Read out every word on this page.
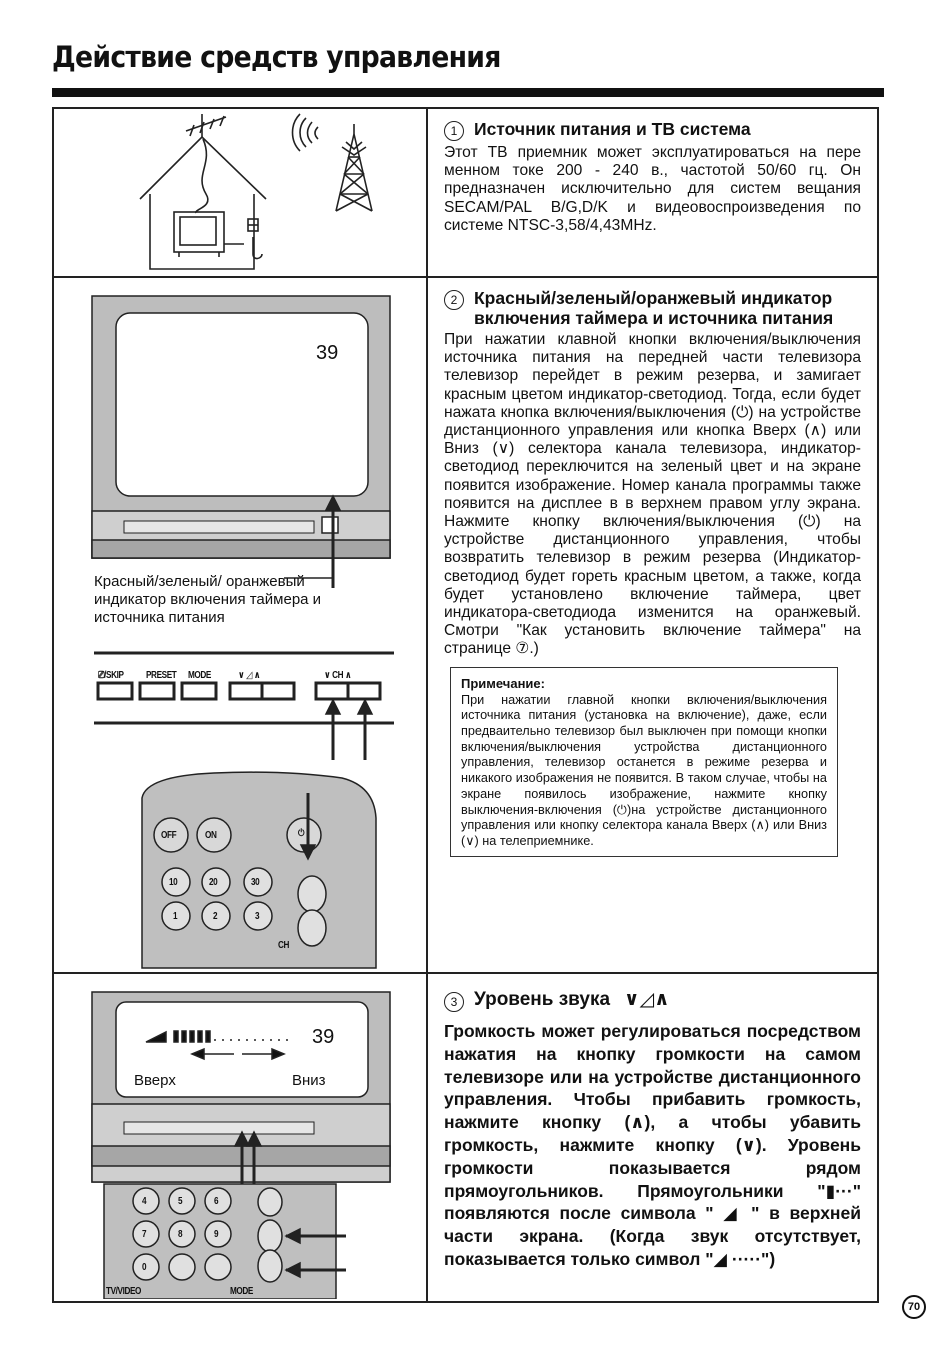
Действие средств управления
1 Источник питания и ТВ система

Этот ТВ приемник может эксплуатироваться на пере менном токе 200 - 240 в., частотой 50/60 гц. Он предназначен исключительно для систем вещания SECAM/PAL B/G,D/K и видеовоспроизведения по системе NTSC-3,58/4,43MHz.

39
Красный/зеленый/ оранжевый индикатор включения таймера и источника питания
⎚/SKIP PRESET MODE	∨ ◿ ∧	∨ CH ∧
OFF	ON	⏻
10	20	30
1	2	3
CH
2 Красный/зеленый/оранжевый индикатор включения таймера и источника питания

При нажатии клавной кнопки включения/выключения источника питания на передней части телевизора телевизор перейдет в режим резерва, и замигает красным цветом индикатор-светодиод. Тогда, если будет нажата кнопка включения/выключения (⏻) на устройстве дистанционного управления или кнопка Вверх (∧) или Вниз (∨) селектора канала телевизора, индикатор-светодиод переключится на зеленый цвет и на экране появится изображение. Номер канала программы также появится на дисплее в в верхнем правом углу экрана. Нажмите кнопку включения/выключения (⏻) на устройстве дистанционного управления, чтобы возвратить телевизор в режим резерва (Индикатор-светодиод будет гореть красным цветом, а также, когда будет установлено включение таймера, цвет индикатора-светодиода изменится на оранжевый. Смотри "Как установить включение таймера" на странице ⑦.)

Примечание:

При нажатии главной кнопки включения/выключения источника питания (установка на включение), даже, если предвaительно телевизор был выключен при помощи кнопки включения/выключения устройства дистанционного управления, телевизор останется в режиме резерва и никакого изображения не появится. В таком случае, чтобы на экране появилось изображение, нажмите кнопку выключения-включения (⏻)на устройстве дистанционного управления или кнопку селектора канала Вверх (∧) или Вниз (∨) на телеприемнике.

39
Вверх	Вниз
4	5	6
7	8	9
0
TV/VIDEO	MODE
3 Уровень звука ∨◿∧

Громкость может регулироваться посредством нажатия на кнопку громкости на самом телевизоре или на устройстве дистанционного управления. Чтобы прибавить громкость, нажмите кнопку (∧), а чтобы убавить громкость, нажмите кнопку (∨). Уровень громкости показывается рядом прямоугольников. Прямоугольники "▮···" появляются после символа " ◢ " в верхней части экрана. (Когда звук отсутствует, показывается только символ "◢ ·····")

70
